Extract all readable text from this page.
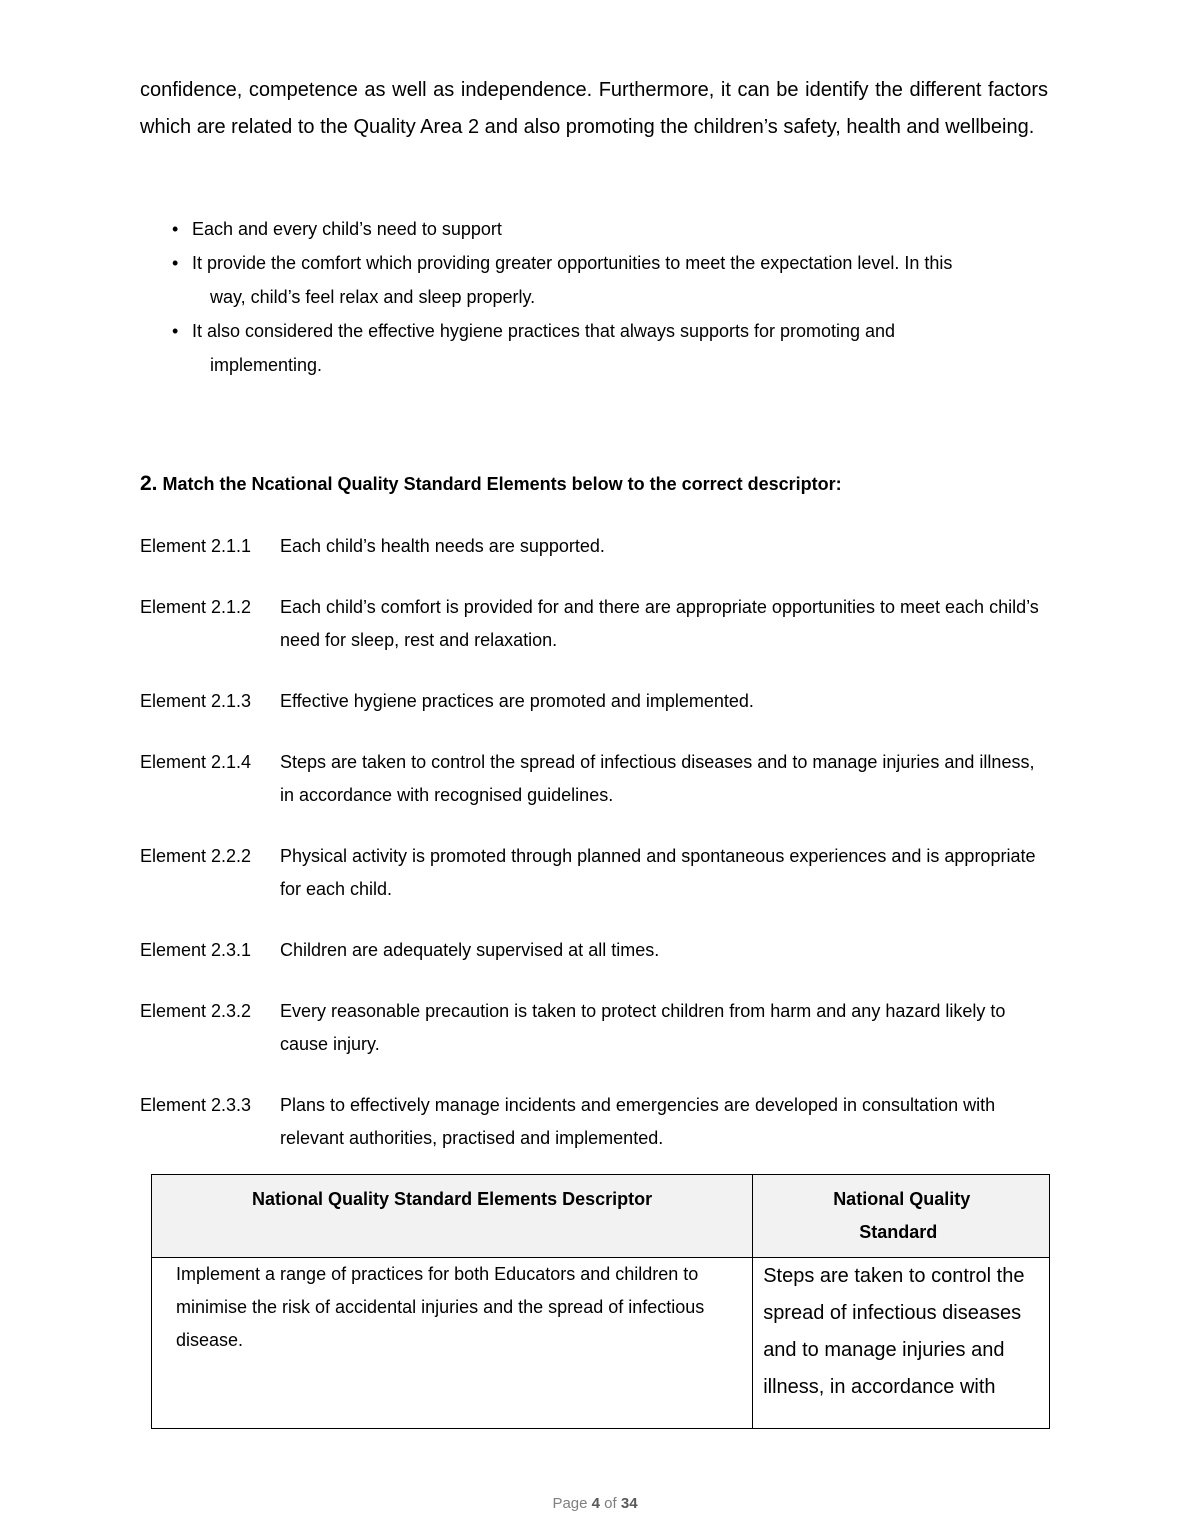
confidence, competence as well as independence. Furthermore, it can be identify the different factors which are related to the Quality Area 2 and also promoting the children’s safety, health and wellbeing.

• Each and every child’s need to support
• It provide the comfort which providing greater opportunities to meet the expectation level. In this
way, child’s feel relax and sleep properly.
• It also considered the effective hygiene practices that always supports for promoting and
implementing.

2. Match the Ncational Quality Standard Elements below to the correct descriptor:

Element 2.1.1	Each child’s health needs are supported.
Element 2.1.2	Each child’s comfort is provided for and there are appropriate opportunities to meet each child’s need for sleep, rest and relaxation.
Element 2.1.3	Effective hygiene practices are promoted and implemented.
Element 2.1.4	Steps are taken to control the spread of infectious diseases and to manage injuries and illness, in accordance with recognised guidelines.
Element 2.2.2	Physical activity is promoted through planned and spontaneous experiences and is appropriate for each child.
Element 2.3.1	Children are adequately supervised at all times.
Element 2.3.2	Every reasonable precaution is taken to protect children from harm and any hazard likely to cause injury.
Element 2.3.3	Plans to effectively manage incidents and emergencies are developed in consultation with relevant authorities, practised and implemented.
National Quality Standard Elements Descriptor	National Quality
Standard

Implement a range of practices for both Educators and children to minimise the risk of accidental injuries and the spread of infectious disease.	Steps are taken to control the spread of infectious diseases and to manage injuries and illness, in accordance with
Page 4 of 34
